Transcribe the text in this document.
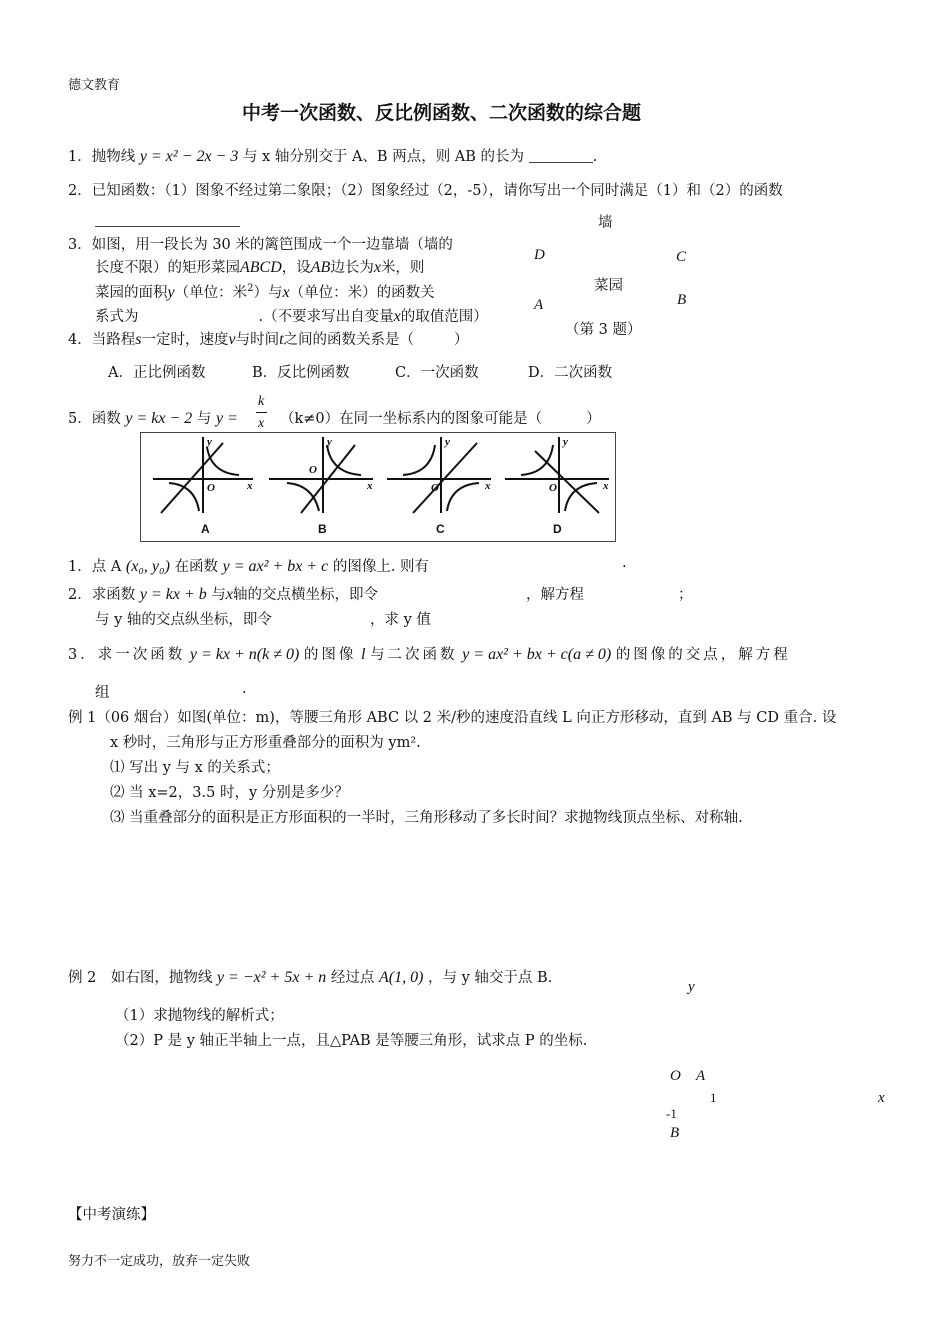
德文教育
中考一次函数、反比例函数、二次函数的综合题
1．抛物线 y = x² − 2x − 3 与 x 轴分别交于 A、B 两点，则 AB 的长为	.
2．已知函数：（1）图象不经过第二象限；（2）图象经过（2，-5），请你写出一个同时满足（1）和（2）的函数
3．如图，用一段长为 30 米的篱笆围成一个一边靠墙（墙的
长度不限）的矩形菜园ABCD，设AB边长为x米，则
菜园的面积y（单位：米$^2$）与x（单位：米）的函数关
系式为	.（不要求写出自变量x的取值范围）
墙
D	C
菜园
B
A
（第 3 题）
4．当路程s一定时，速度v与时间t之间的函数关系是（	）
A．正比例函数	B．反比例函数	C．一次函数	D．二次函数
5．函数 y = kx − 2 与 y =
k
x （k≠0）在同一坐标系内的图象可能是（	）
A	B	C	D
y
x
O
y
x
O
y
x
O
y
x
O
1．点 A (x₀, y₀) 在函数 y = ax² + bx + c 的图像上. 则有	.
2．求函数 y = kx + b 与x轴的交点横坐标，即令	，解方程	；
与 y 轴的交点纵坐标，即令	，求 y 值
3．求一次函数 y = kx + n(k ≠ 0) 的图像 l 与二次函数 y = ax² + bx + c(a ≠ 0) 的图像的交点，解方程
组	.
例 1（06 烟台）如图(单位：m)，等腰三角形 ABC 以 2 米/秒的速度沿直线 L 向正方形移动，直到 AB 与 CD 重合. 设
x 秒时，三角形与正方形重叠部分的面积为 ym².
⑴ 写出 y 与 x 的关系式；
⑵ 当 x=2，3.5 时，y 分别是多少？
⑶ 当重叠部分的面积是正方形面积的一半时，三角形移动了多长时间？求抛物线顶点坐标、对称轴.
例 2　如右图，抛物线 y = −x² + 5x + n 经过点 A(1, 0) ，与 y 轴交于点 B.
（1）求抛物线的解析式；
（2）P 是 y 轴正半轴上一点，且△PAB 是等腰三角形，试求点 P 的坐标.
y
O A
1	x
-1
B
【中考演练】
努力不一定成功，放弃一定失败
